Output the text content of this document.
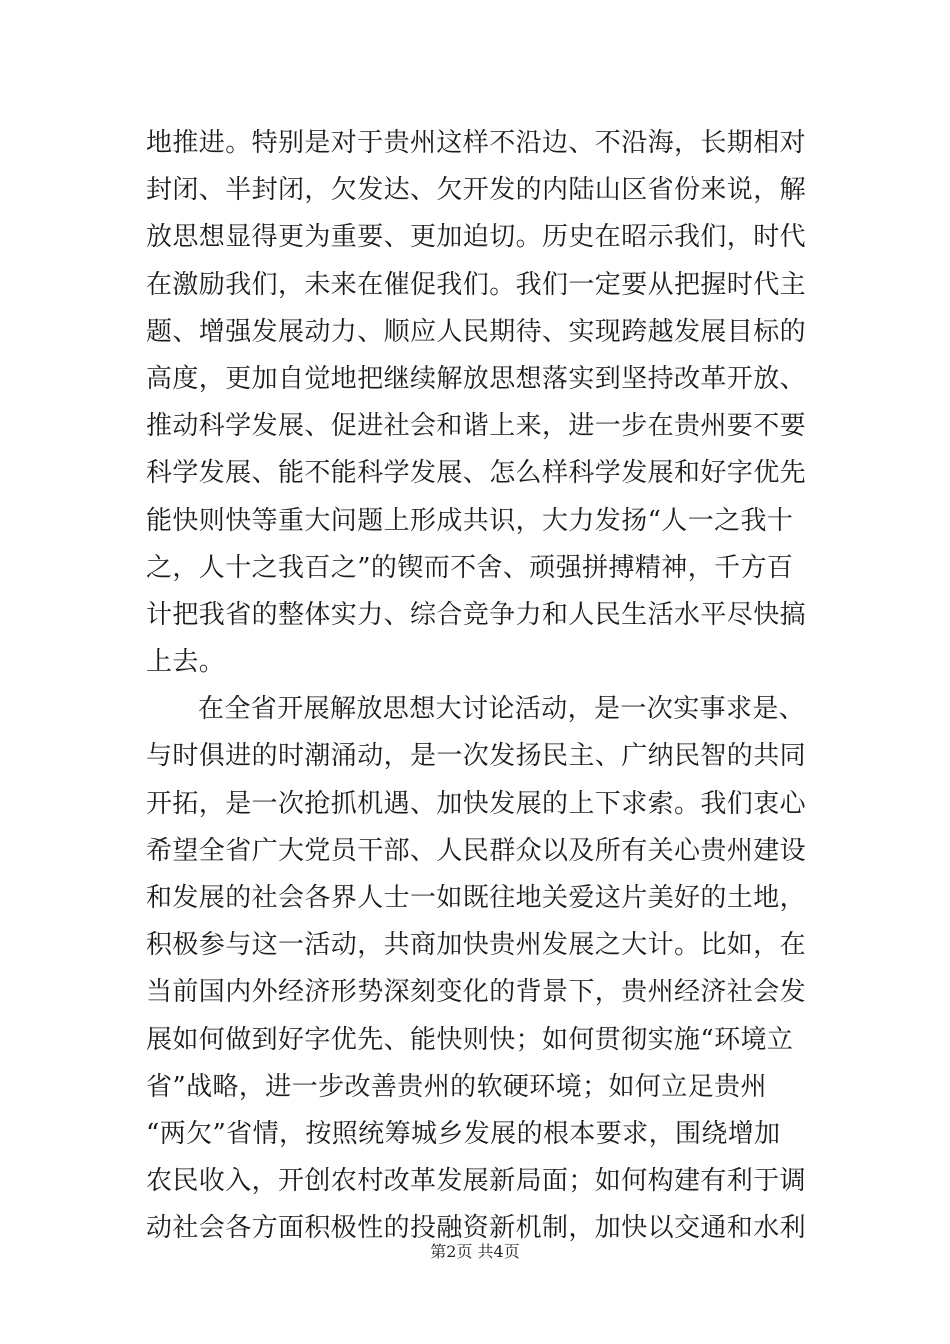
地推进。特别是对于贵州这样不沿边、不沿海，长期相对
封闭、半封闭，欠发达、欠开发的内陆山区省份来说，解
放思想显得更为重要、更加迫切。历史在昭示我们，时代
在激励我们，未来在催促我们。我们一定要从把握时代主
题、增强发展动力、顺应人民期待、实现跨越发展目标的
高度，更加自觉地把继续解放思想落实到坚持改革开放、
推动科学发展、促进社会和谐上来，进一步在贵州要不要
科学发展、能不能科学发展、怎么样科学发展和好字优先
能快则快等重大问题上形成共识，大力发扬“人一之我十
之，人十之我百之”的锲而不舍、顽强拼搏精神，千方百
计把我省的整体实力、综合竞争力和人民生活水平尽快搞
上去。
在全省开展解放思想大讨论活动，是一次实事求是、
与时俱进的时潮涌动，是一次发扬民主、广纳民智的共同
开拓，是一次抢抓机遇、加快发展的上下求索。我们衷心
希望全省广大党员干部、人民群众以及所有关心贵州建设
和发展的社会各界人士一如既往地关爱这片美好的土地，
积极参与这一活动，共商加快贵州发展之大计。比如，在
当前国内外经济形势深刻变化的背景下，贵州经济社会发
展如何做到好字优先、能快则快；如何贯彻实施“环境立
省”战略，进一步改善贵州的软硬环境；如何立足贵州
“两欠”省情，按照统筹城乡发展的根本要求，围绕增加
农民收入，开创农村改革发展新局面；如何构建有利于调
动社会各方面积极性的投融资新机制，加快以交通和水利
第2页 共4页
